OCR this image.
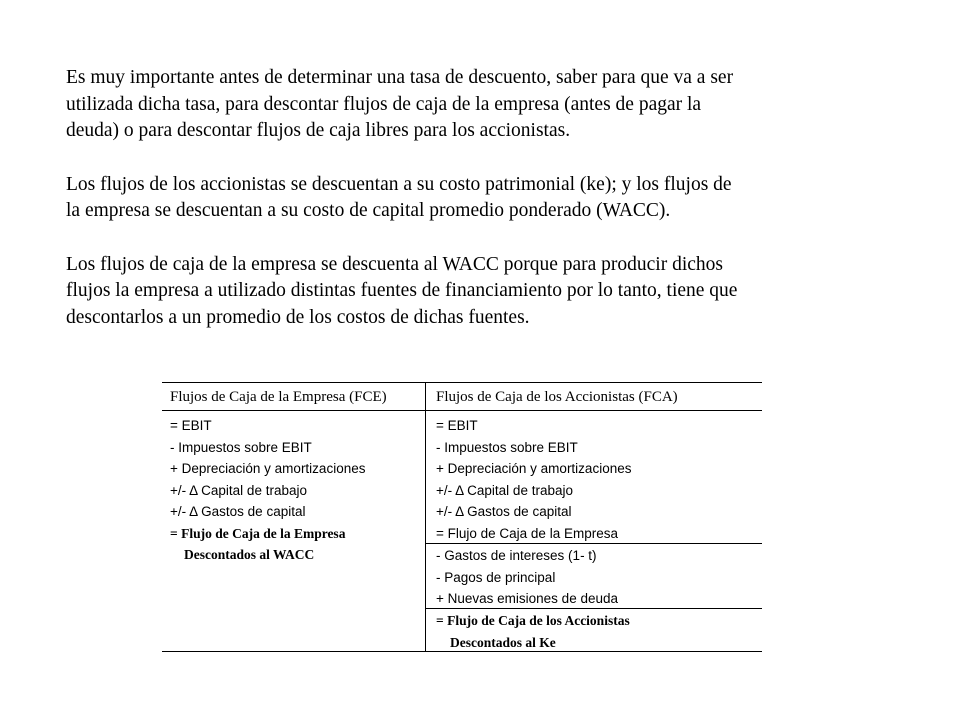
Es muy importante antes de determinar una tasa de descuento, saber para que va a ser
utilizada dicha tasa, para descontar flujos de caja de la empresa (antes de pagar la
deuda) o para descontar flujos de caja libres para los accionistas.

Los flujos de los accionistas se descuentan a su costo patrimonial (ke); y los flujos de
la empresa se descuentan a su costo de capital promedio ponderado (WACC).

Los flujos de caja de la empresa se descuenta al WACC porque para producir dichos
flujos la empresa a utilizado distintas fuentes de financiamiento por lo tanto, tiene que
descontarlos a un promedio de los costos de dichas fuentes.

Flujos de Caja de la Empresa (FCE)	Flujos de Caja de los Accionistas (FCA)
= EBIT
- Impuestos sobre EBIT
+ Depreciación y amortizaciones
+/- Δ Capital de trabajo
+/- Δ Gastos de capital
= Flujo de Caja de la Empresa
Descontados al WACC
= EBIT
- Impuestos sobre EBIT
+ Depreciación y amortizaciones
+/- Δ Capital de trabajo
+/- Δ Gastos de capital
= Flujo de Caja de la Empresa
- Gastos de intereses (1- t)
- Pagos de principal
+ Nuevas emisiones de deuda
= Flujo de Caja de los Accionistas
Descontados al Ke
